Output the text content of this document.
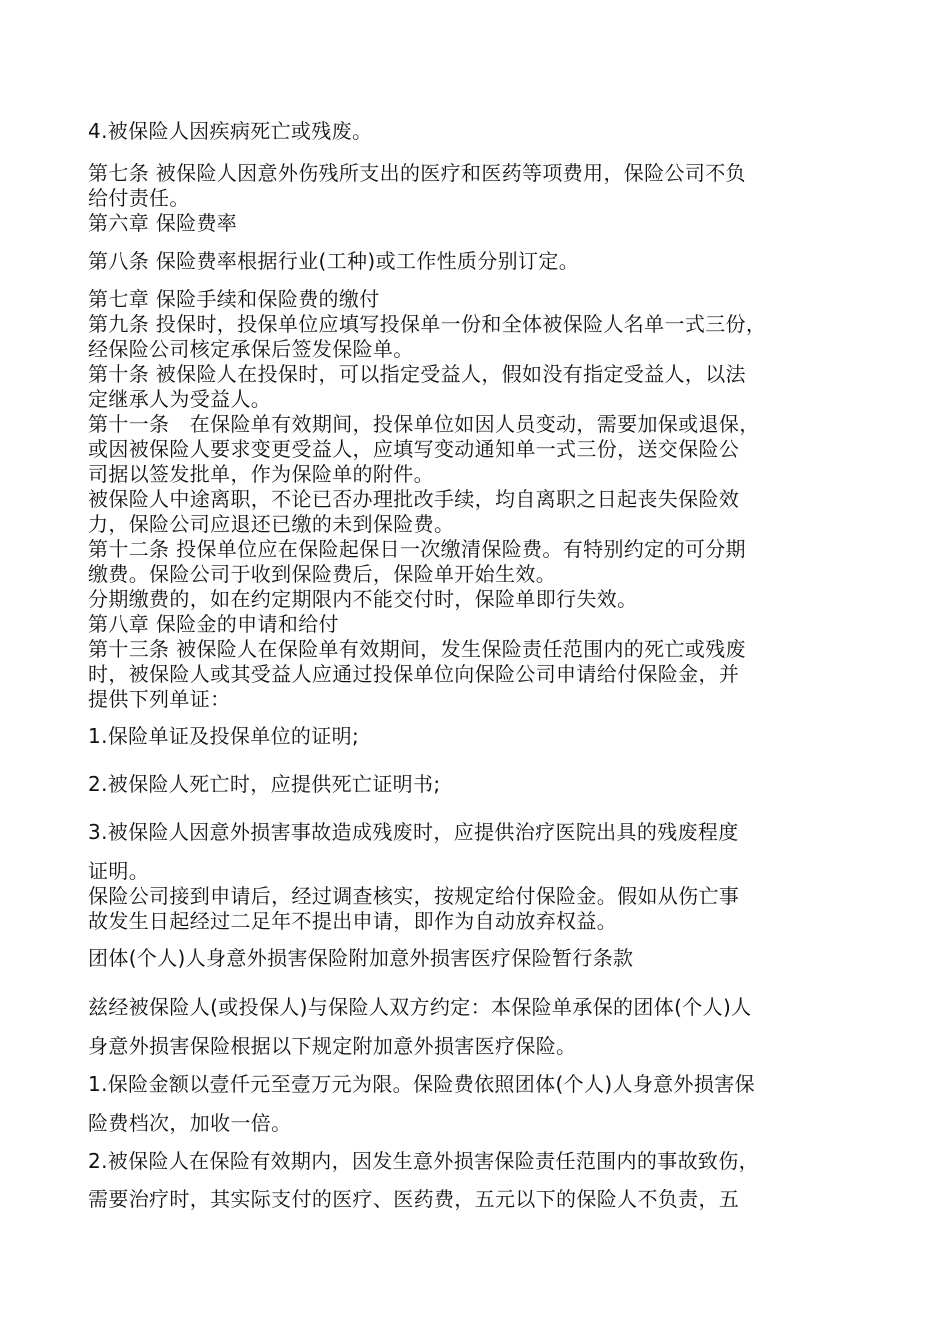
4.被保险人因疾病死亡或残废。

第七条 被保险人因意外伤残所支出的医疗和医药等项费用，保险公司不负

给付责任。

第六章 保险费率

第八条 保险费率根据行业(工种)或工作性质分别订定。

第七章 保险手续和保险费的缴付

第九条 投保时，投保单位应填写投保单一份和全体被保险人名单一式三份，

经保险公司核定承保后签发保险单。

第十条 被保险人在投保时，可以指定受益人，假如没有指定受益人，以法

定继承人为受益人。

第十一条　在保险单有效期间，投保单位如因人员变动，需要加保或退保，

或因被保险人要求变更受益人，应填写变动通知单一式三份，送交保险公

司据以签发批单，作为保险单的附件。

被保险人中途离职，不论已否办理批改手续，均自离职之日起丧失保险效

力，保险公司应退还已缴的未到保险费。

第十二条 投保单位应在保险起保日一次缴清保险费。有特别约定的可分期

缴费。保险公司于收到保险费后，保险单开始生效。

分期缴费的，如在约定期限内不能交付时，保险单即行失效。

第八章 保险金的申请和给付

第十三条 被保险人在保险单有效期间，发生保险责任范围内的死亡或残废

时，被保险人或其受益人应通过投保单位向保险公司申请给付保险金，并

提供下列单证：

1.保险单证及投保单位的证明;

2.被保险人死亡时，应提供死亡证明书;

3.被保险人因意外损害事故造成残废时，应提供治疗医院出具的残废程度

证明。

保险公司接到申请后，经过调查核实，按规定给付保险金。假如从伤亡事

故发生日起经过二足年不提出申请，即作为自动放弃权益。

团体(个人)人身意外损害保险附加意外损害医疗保险暂行条款

兹经被保险人(或投保人)与保险人双方约定：本保险单承保的团体(个人)人

身意外损害保险根据以下规定附加意外损害医疗保险。

1.保险金额以壹仟元至壹万元为限。保险费依照团体(个人)人身意外损害保

险费档次，加收一倍。

2.被保险人在保险有效期内，因发生意外损害保险责任范围内的事故致伤，

需要治疗时，其实际支付的医疗、医药费，五元以下的保险人不负责，五
